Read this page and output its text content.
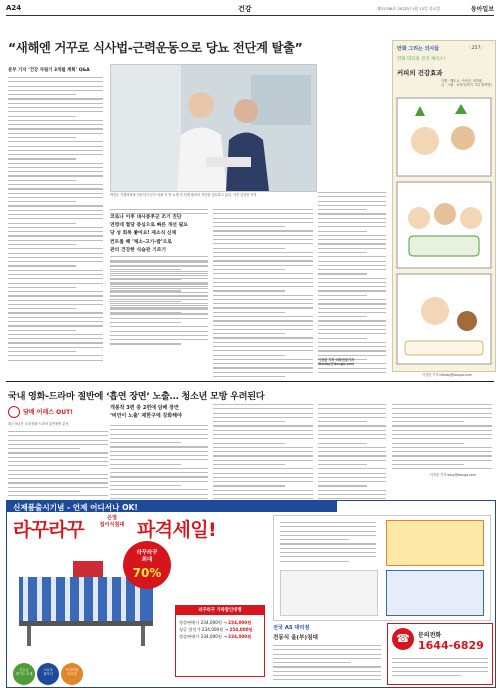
A24	건강	제31336호 2022년 1월 12일 목요일	동아일보
“새해엔 거꾸로 식사법-근력운동으로 당뇨 전단계 탈출”
분부 기자 ‘건강 자림기 3개월 계획’ Q&A
박진수 가정의학과 전문의가 본부 어린 이 당 뇨병 전 단계 환자의 식단을 검토하고 있다. 사진 김상진 기자
코로나 이후 대사증후군 조기 진단
연령대 혈당 중심으로 빠른 개선 필요
당 성 회복 좋아요! 제소식 신체
컨트롤 해 ‘체소-고기-밥’으로
관리 건강한 식습관 기르기
이진한 기자·의학전문기자 likeday@donga.com
만화 그리는 의사들	〈257〉
만화 닥터의 진지 케이스!
커피의 건강효과
기획 · 해도오, 이어진, 정지원
글 · 그림 · 코상이(하이 기록 영역연)
이진한 기자 likeday@donga.com
국내 영화-드라마 절반에 ‘흡연 장면’ 노출… 청소년 모방 우려된다
담배 어레스 OUT!
최근 5년간 국내 영화·드라마 흡연장면 분석
개봉작 3편 중 2편에 담배 장면
‘비만이 노출’ 제한구에 강화해야
이지운 기자 easy@donga.com
신제품출시기념 - 언제 어디서나 OK!
라꾸라꾸
온열
접이식침대 파격세일!
라꾸라꾸
최대
70%
특등급
경기도 소재
스포츠
접이식
프리미엄
리모콘
라꾸라꾸 가족할인대행
정상판매가 234,000원 → 234,000원
싱글 할인가 234,000원 → 254,000원
정상판매가 234,000원 → 234,000원
전국 AS 대리점
전동식 올(부)침대	☎	문의전화
1644-6829
